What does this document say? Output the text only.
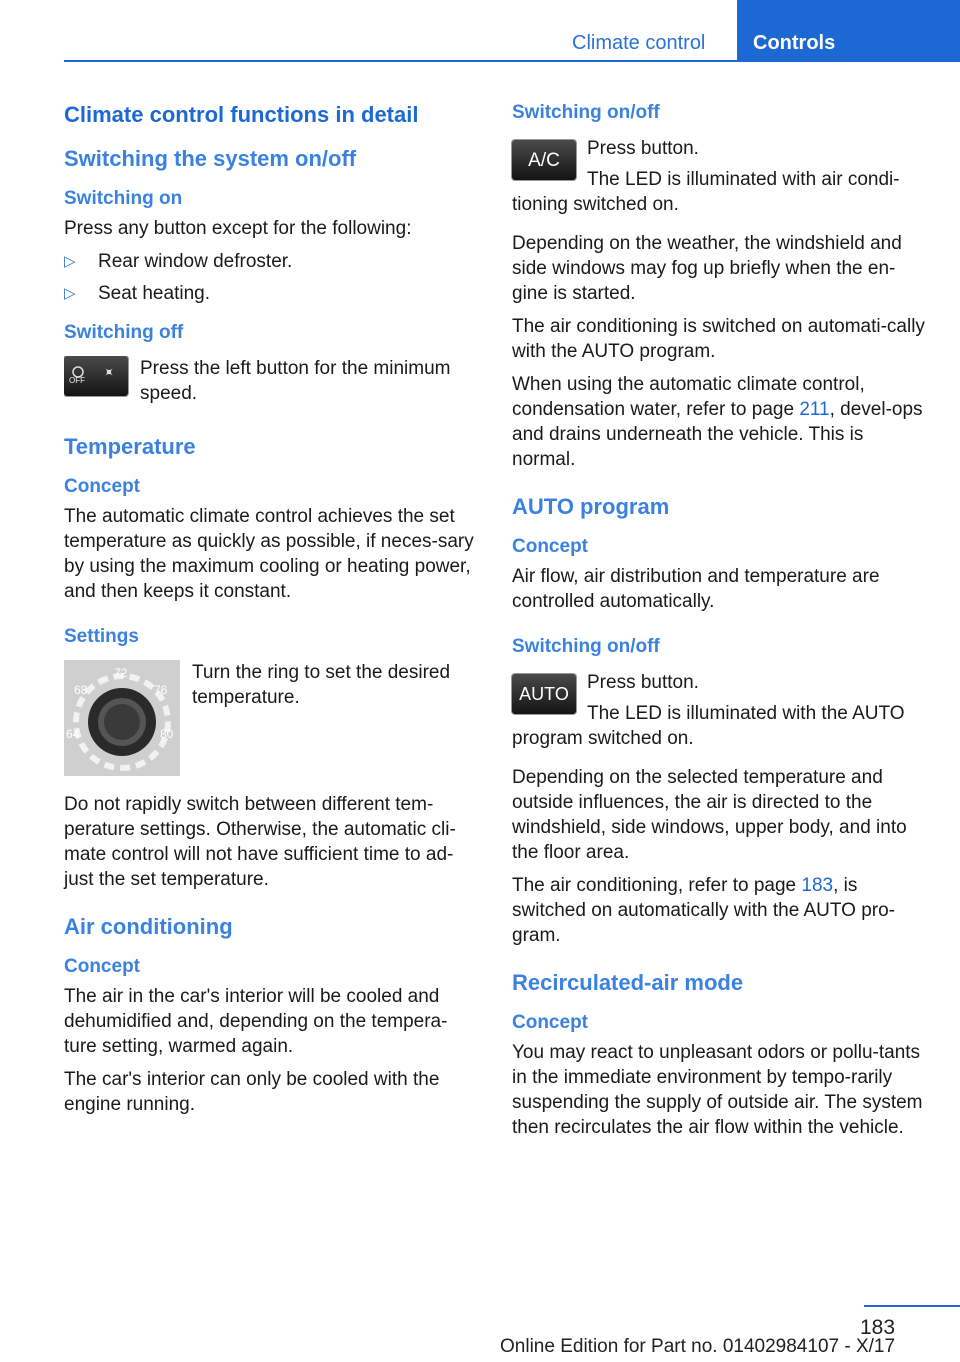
Climate control	Controls
Climate control functions in detail
Switching the system on/off
Switching on

Press any button except for the following:

▷ Rear window defroster.
▷ Seat heating.
Switching off
OFF

Press the left button for the minimum speed.

Temperature
Concept

The automatic climate control achieves the set temperature as quickly as possible, if neces-sary by using the maximum cooling or heating power, and then keeps it constant.

Settings
64
68
72
76
80

Turn the ring to set the desired temperature.

Do not rapidly switch between different tem-perature settings. Otherwise, the automatic cli-mate control will not have sufficient time to ad-just the set temperature.

Air conditioning
Concept

The air in the car's interior will be cooled and dehumidified and, depending on the tempera-ture setting, warmed again.

The car's interior can only be cooled with the engine running.

Switching on/off
A/C

Press button.

The LED is illuminated with air condi-tioning switched on.

Depending on the weather, the windshield and side windows may fog up briefly when the en-gine is started.

The air conditioning is switched on automati-cally with the AUTO program.

When using the automatic climate control, condensation water, refer to page 211, devel-ops and drains underneath the vehicle. This is normal.

AUTO program
Concept

Air flow, air distribution and temperature are controlled automatically.

Switching on/off
AUTO

Press button.

The LED is illuminated with the AUTO program switched on.

Depending on the selected temperature and outside influences, the air is directed to the windshield, side windows, upper body, and into the floor area.

The air conditioning, refer to page 183, is switched on automatically with the AUTO pro-gram.

Recirculated-air mode
Concept

You may react to unpleasant odors or pollu-tants in the immediate environment by tempo-rarily suspending the supply of outside air. The system then recirculates the air flow within the vehicle.

183
Online Edition for Part no. 01402984107 - X/17
